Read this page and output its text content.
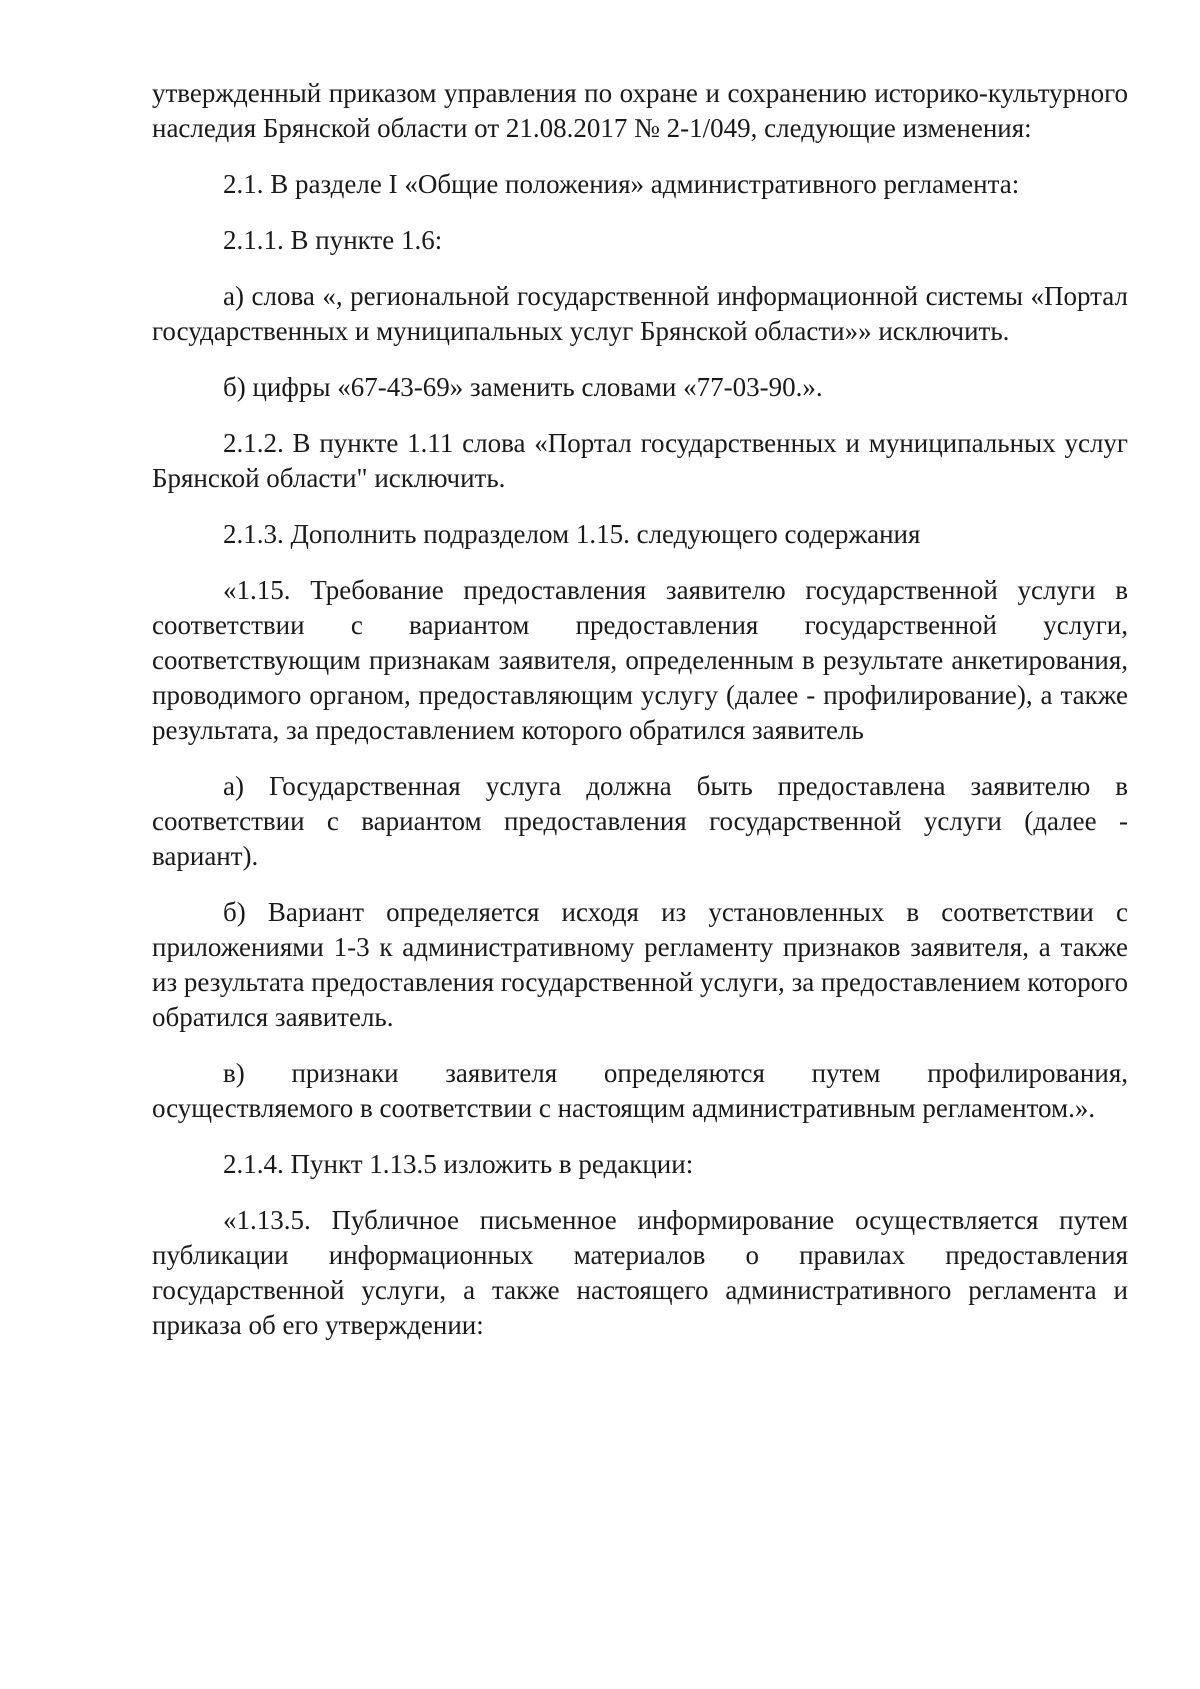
утвержденный приказом управления по охране и сохранению историко-культурного наследия Брянской области от 21.08.2017 № 2-1/049, следующие изменения:

2.1. В разделе I «Общие положения» административного регламента:

2.1.1. В пункте 1.6:

а) слова «, региональной государственной информационной системы «Портал государственных и муниципальных услуг Брянской области»» исключить.

б) цифры «67-43-69» заменить словами «77-03-90.».

2.1.2. В пункте 1.11 слова «Портал государственных и муниципальных услуг Брянской области" исключить.

2.1.3. Дополнить подразделом 1.15. следующего содержания

«1.15. Требование предоставления заявителю государственной услуги в соответствии с вариантом предоставления государственной услуги, соответствующим признакам заявителя, определенным в результате анкетирования, проводимого органом, предоставляющим услугу (далее - профилирование), а также результата, за предоставлением которого обратился заявитель

а) Государственная услуга должна быть предоставлена заявителю в соответствии с вариантом предоставления государственной услуги (далее - вариант).

б) Вариант определяется исходя из установленных в соответствии с приложениями 1-3 к административному регламенту признаков заявителя, а также из результата предоставления государственной услуги, за предоставлением которого обратился заявитель.

в) признаки заявителя определяются путем профилирования, осуществляемого в соответствии с настоящим административным регламентом.».

2.1.4. Пункт 1.13.5 изложить в редакции:

«1.13.5. Публичное письменное информирование осуществляется путем публикации информационных материалов о правилах предоставления государственной услуги, а также настоящего административного регламента и приказа об его утверждении:
